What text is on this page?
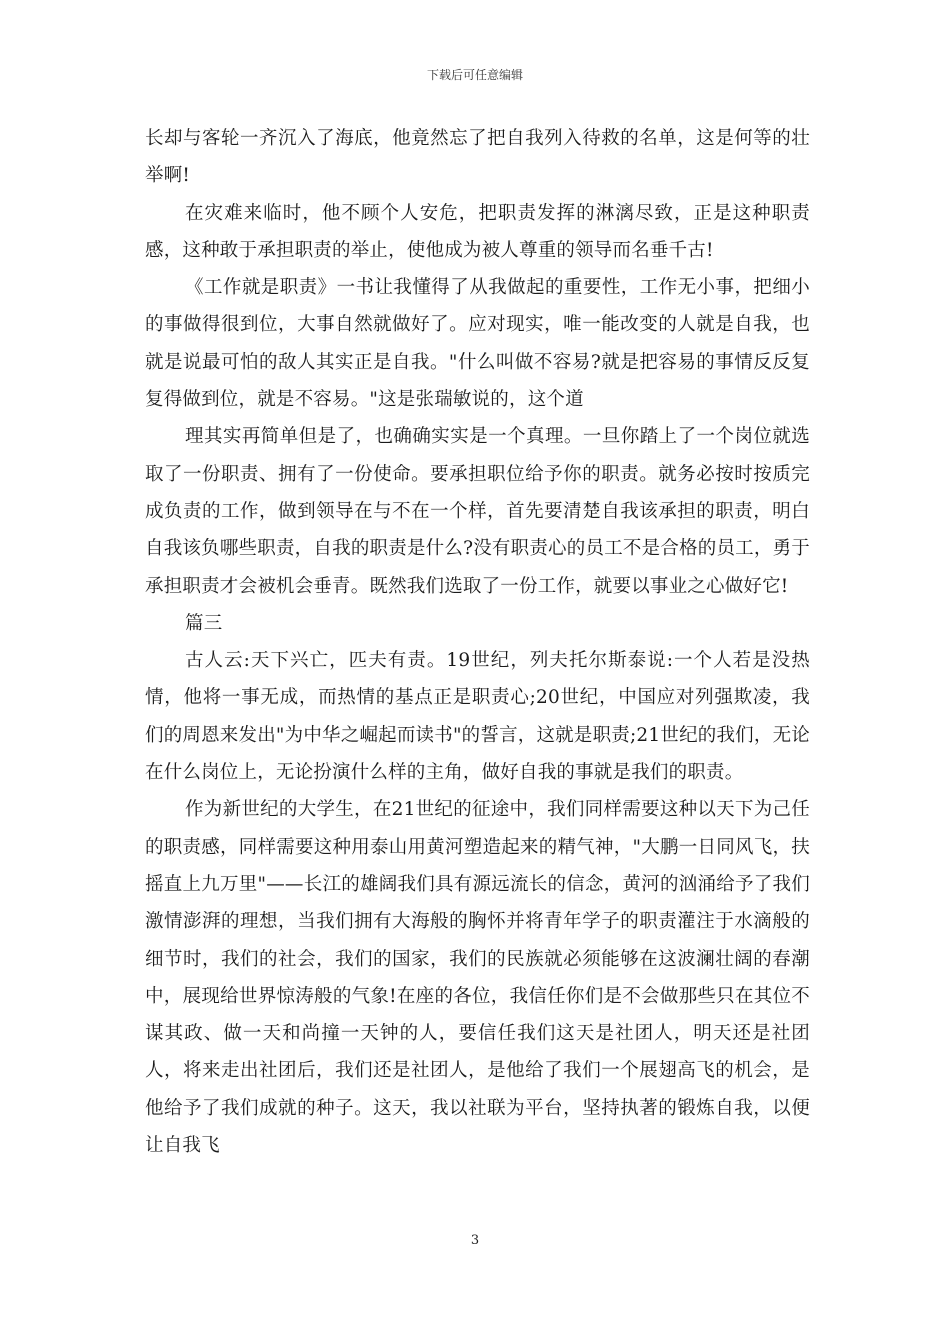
下载后可任意编辑

长却与客轮一齐沉入了海底，他竟然忘了把自我列入待救的名单，这是何等的壮举啊!

在灾难来临时，他不顾个人安危，把职责发挥的淋漓尽致，正是这种职责感，这种敢于承担职责的举止，使他成为被人尊重的领导而名垂千古!

《工作就是职责》一书让我懂得了从我做起的重要性，工作无小事，把细小的事做得很到位，大事自然就做好了。应对现实，唯一能改变的人就是自我，也就是说最可怕的敌人其实正是自我。"什么叫做不容易?就是把容易的事情反反复复得做到位，就是不容易。"这是张瑞敏说的，这个道

理其实再简单但是了，也确确实实是一个真理。一旦你踏上了一个岗位就选取了一份职责、拥有了一份使命。要承担职位给予你的职责。就务必按时按质完成负责的工作，做到领导在与不在一个样，首先要清楚自我该承担的职责，明白自我该负哪些职责，自我的职责是什么?没有职责心的员工不是合格的员工，勇于承担职责才会被机会垂青。既然我们选取了一份工作，就要以事业之心做好它!

篇三

古人云:天下兴亡，匹夫有责。19世纪，列夫托尔斯泰说:一个人若是没热情，他将一事无成，而热情的基点正是职责心;20世纪，中国应对列强欺凌，我们的周恩来发出"为中华之崛起而读书"的誓言，这就是职责;21世纪的我们，无论在什么岗位上，无论扮演什么样的主角，做好自我的事就是我们的职责。

作为新世纪的大学生，在21世纪的征途中，我们同样需要这种以天下为己任的职责感，同样需要这种用泰山用黄河塑造起来的精气神，"大鹏一日同风飞，扶摇直上九万里"——长江的雄阔我们具有源远流长的信念，黄河的汹涌给予了我们激情澎湃的理想，当我们拥有大海般的胸怀并将青年学子的职责灌注于水滴般的细节时，我们的社会，我们的国家，我们的民族就必须能够在这波澜壮阔的春潮中，展现给世界惊涛般的气象!在座的各位，我信任你们是不会做那些只在其位不谋其政、做一天和尚撞一天钟的人，要信任我们这天是社团人，明天还是社团人，将来走出社团后，我们还是社团人，是他给了我们一个展翅高飞的机会，是他给予了我们成就的种子。这天，我以社联为平台，坚持执著的锻炼自我，以便让自我飞

3
